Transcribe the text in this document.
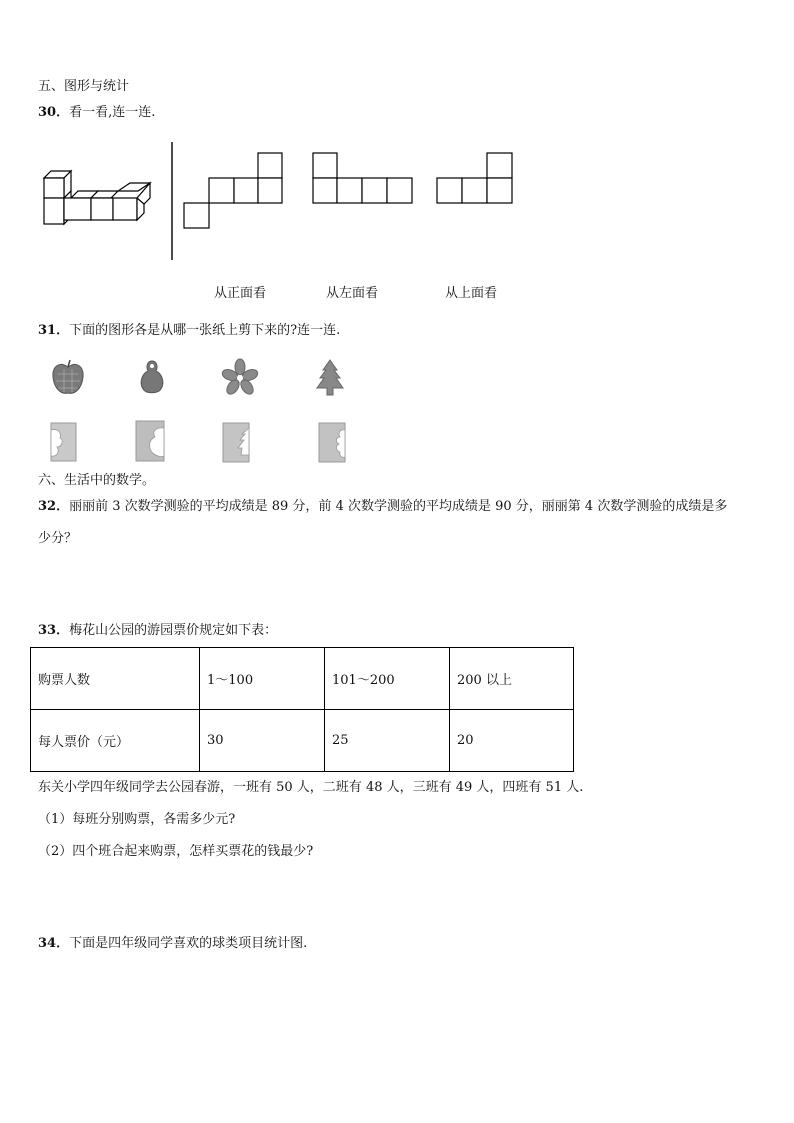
五、图形与统计
30．看一看,连一连.
从正面看	从左面看	从上面看
31．下面的图形各是从哪一张纸上剪下来的?连一连.
六、生活中的数学。
32．丽丽前 3 次数学测验的平均成绩是 89 分，前 4 次数学测验的平均成绩是 90 分，丽丽第 4 次数学测验的成绩是多
少分？
33．梅花山公园的游园票价规定如下表：
购票人数	1～100	101～200	200 以上
每人票价（元）	30	25	20
东关小学四年级同学去公园春游，一班有 50 人，二班有 48 人，三班有 49 人，四班有 51 人.
（1）每班分别购票，各需多少元?
（2）四个班合起来购票，怎样买票花的钱最少?
34．下面是四年级同学喜欢的球类项目统计图.
